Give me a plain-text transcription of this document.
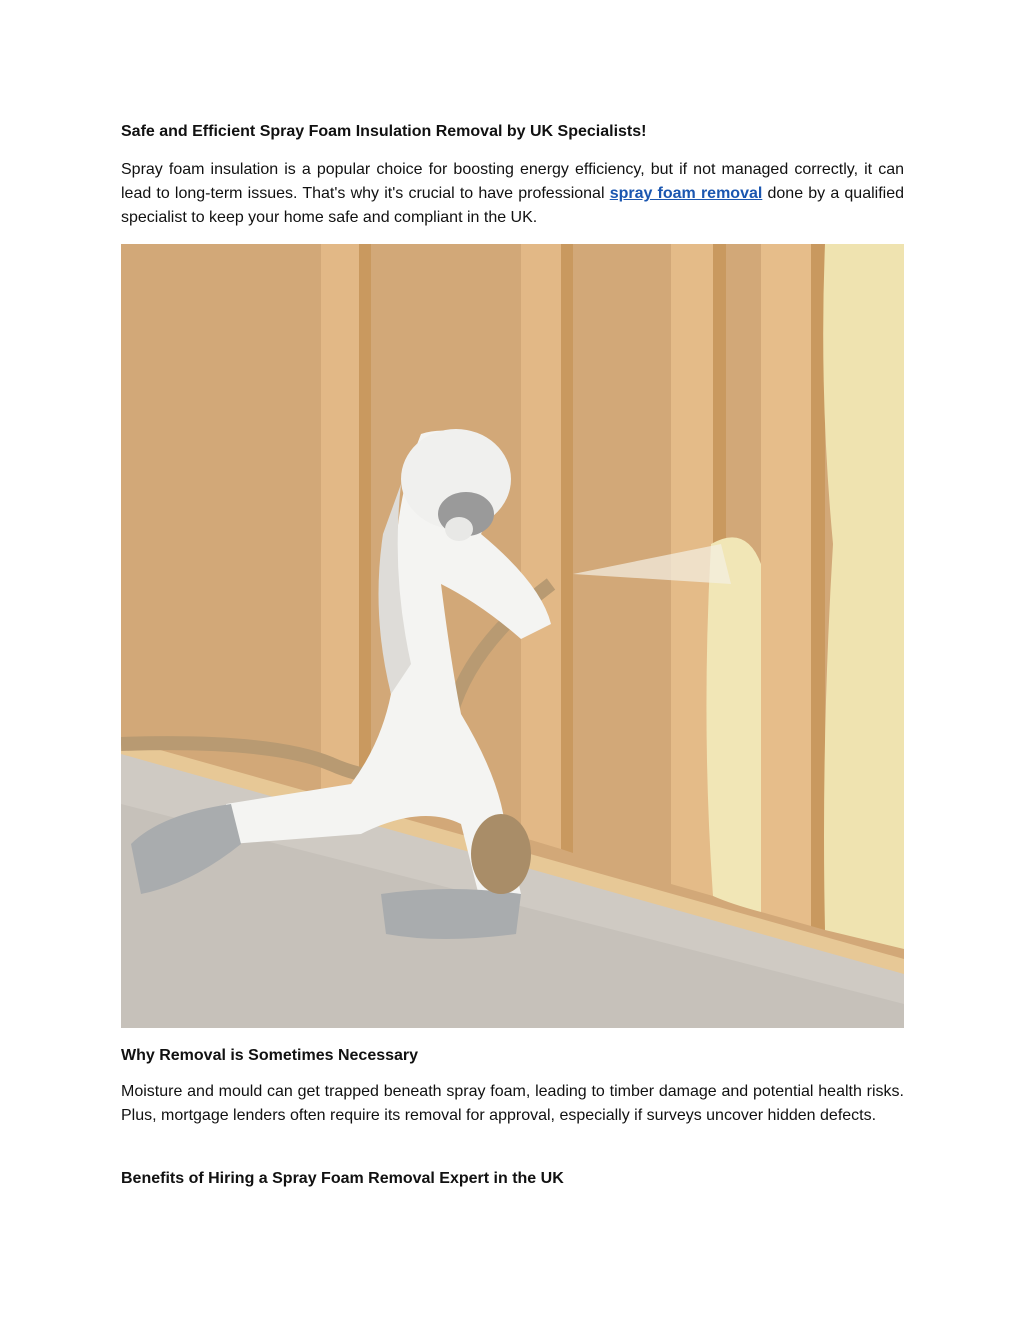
Safe and Efficient Spray Foam Insulation Removal by UK Specialists!

Spray foam insulation is a popular choice for boosting energy efficiency, but if not managed correctly, it can lead to long-term issues. That's why it's crucial to have professional spray foam removal done by a qualified specialist to keep your home safe and compliant in the UK.

Why Removal is Sometimes Necessary

Moisture and mould can get trapped beneath spray foam, leading to timber damage and potential health risks. Plus, mortgage lenders often require its removal for approval, especially if surveys uncover hidden defects.

Benefits of Hiring a Spray Foam Removal Expert in the UK
